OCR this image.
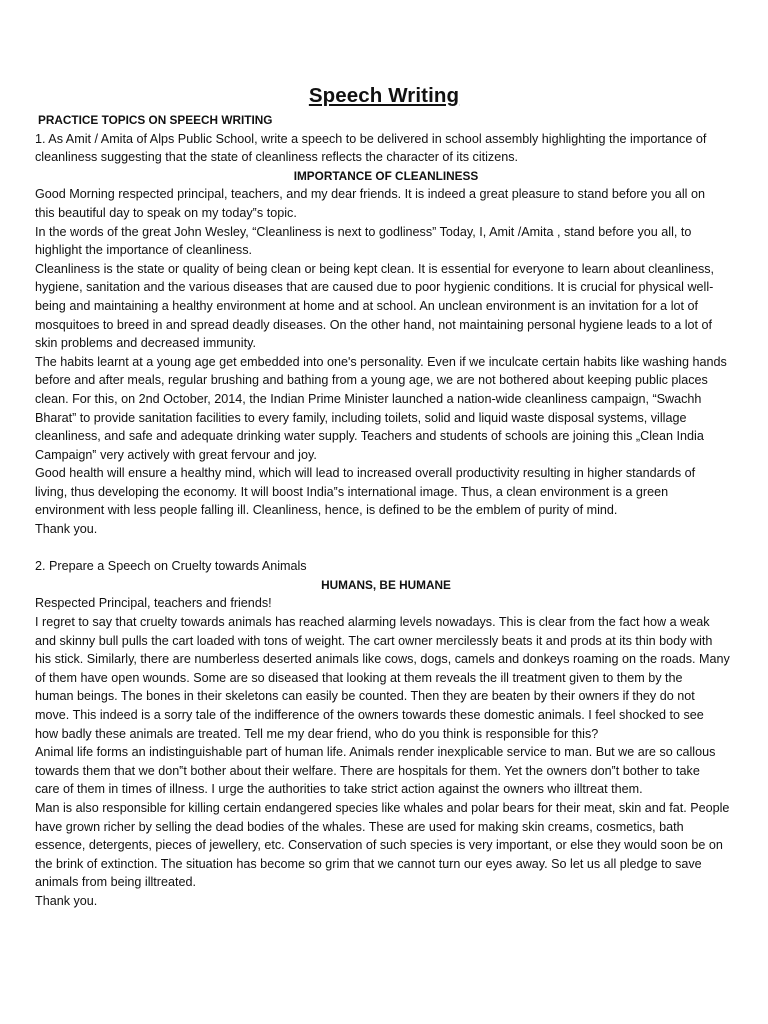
Speech Writing

PRACTICE TOPICS ON SPEECH WRITING

1. As Amit / Amita of Alps Public School, write a speech to be delivered in school assembly highlighting the importance of

cleanliness suggesting that the state of cleanliness reflects the character of its citizens.

IMPORTANCE OF CLEANLINESS

Good Morning respected principal, teachers, and my dear friends. It is indeed a great pleasure to stand before you all on

this beautiful day to speak on my today‟s topic.

In the words of the great John Wesley, “Cleanliness is next to godliness” Today, I, Amit /Amita , stand before you all, to

highlight the importance of cleanliness.

Cleanliness is the state or quality of being clean or being kept clean. It is essential for everyone to learn about cleanliness,

hygiene, sanitation and the various diseases that are caused due to poor hygienic conditions. It is crucial for physical well-

being and maintaining a healthy environment at home and at school. An unclean environment is an invitation for a lot of

mosquitoes to breed in and spread deadly diseases. On the other hand, not maintaining personal hygiene leads to a lot of

skin problems and decreased immunity.

The habits learnt at a young age get embedded into one's personality. Even if we inculcate certain habits like washing hands

before and after meals, regular brushing and bathing from a young age, we are not bothered about keeping public places

clean. For this, on 2nd October, 2014, the Indian Prime Minister launched a nation-wide cleanliness campaign, “Swachh

Bharat” to provide sanitation facilities to every family, including toilets, solid and liquid waste disposal systems, village

cleanliness, and safe and adequate drinking water supply. Teachers and students of schools are joining this „Clean India

Campaign‟ very actively with great fervour and joy.

Good health will ensure a healthy mind, which will lead to increased overall productivity resulting in higher standards of

living, thus developing the economy. It will boost India‟s international image. Thus, a clean environment is a green

environment with less people falling ill. Cleanliness, hence, is defined to be the emblem of purity of mind.

Thank you.

2. Prepare a Speech on Cruelty towards Animals

HUMANS, BE HUMANE

Respected Principal, teachers and friends!

I regret to say that cruelty towards animals has reached alarming levels nowadays. This is clear from the fact how a weak

and skinny bull pulls the cart loaded with tons of weight. The cart owner mercilessly beats it and prods at its thin body with

his stick. Similarly, there are numberless deserted animals like cows, dogs, camels and donkeys roaming on the roads. Many

of them have open wounds. Some are so diseased that looking at them reveals the ill treatment given to them by the

human beings. The bones in their skeletons can easily be counted. Then they are beaten by their owners if they do not

move. This indeed is a sorry tale of the indifference of the owners towards these domestic animals. I feel shocked to see

how badly these animals are treated. Tell me my dear friend, who do you think is responsible for this?

Animal life forms an indistinguishable part of human life. Animals render inexplicable service to man. But we are so callous

towards them that we don‟t bother about their welfare. There are hospitals for them. Yet the owners don‟t bother to take

care of them in times of illness. I urge the authorities to take strict action against the owners who illtreat them.

Man is also responsible for killing certain endangered species like whales and polar bears for their meat, skin and fat. People

have grown richer by selling the dead bodies of the whales. These are used for making skin creams, cosmetics, bath

essence, detergents, pieces of jewellery, etc. Conservation of such species is very important, or else they would soon be on

the brink of extinction. The situation has become so grim that we cannot turn our eyes away. So let us all pledge to save

animals from being illtreated.

Thank you.
